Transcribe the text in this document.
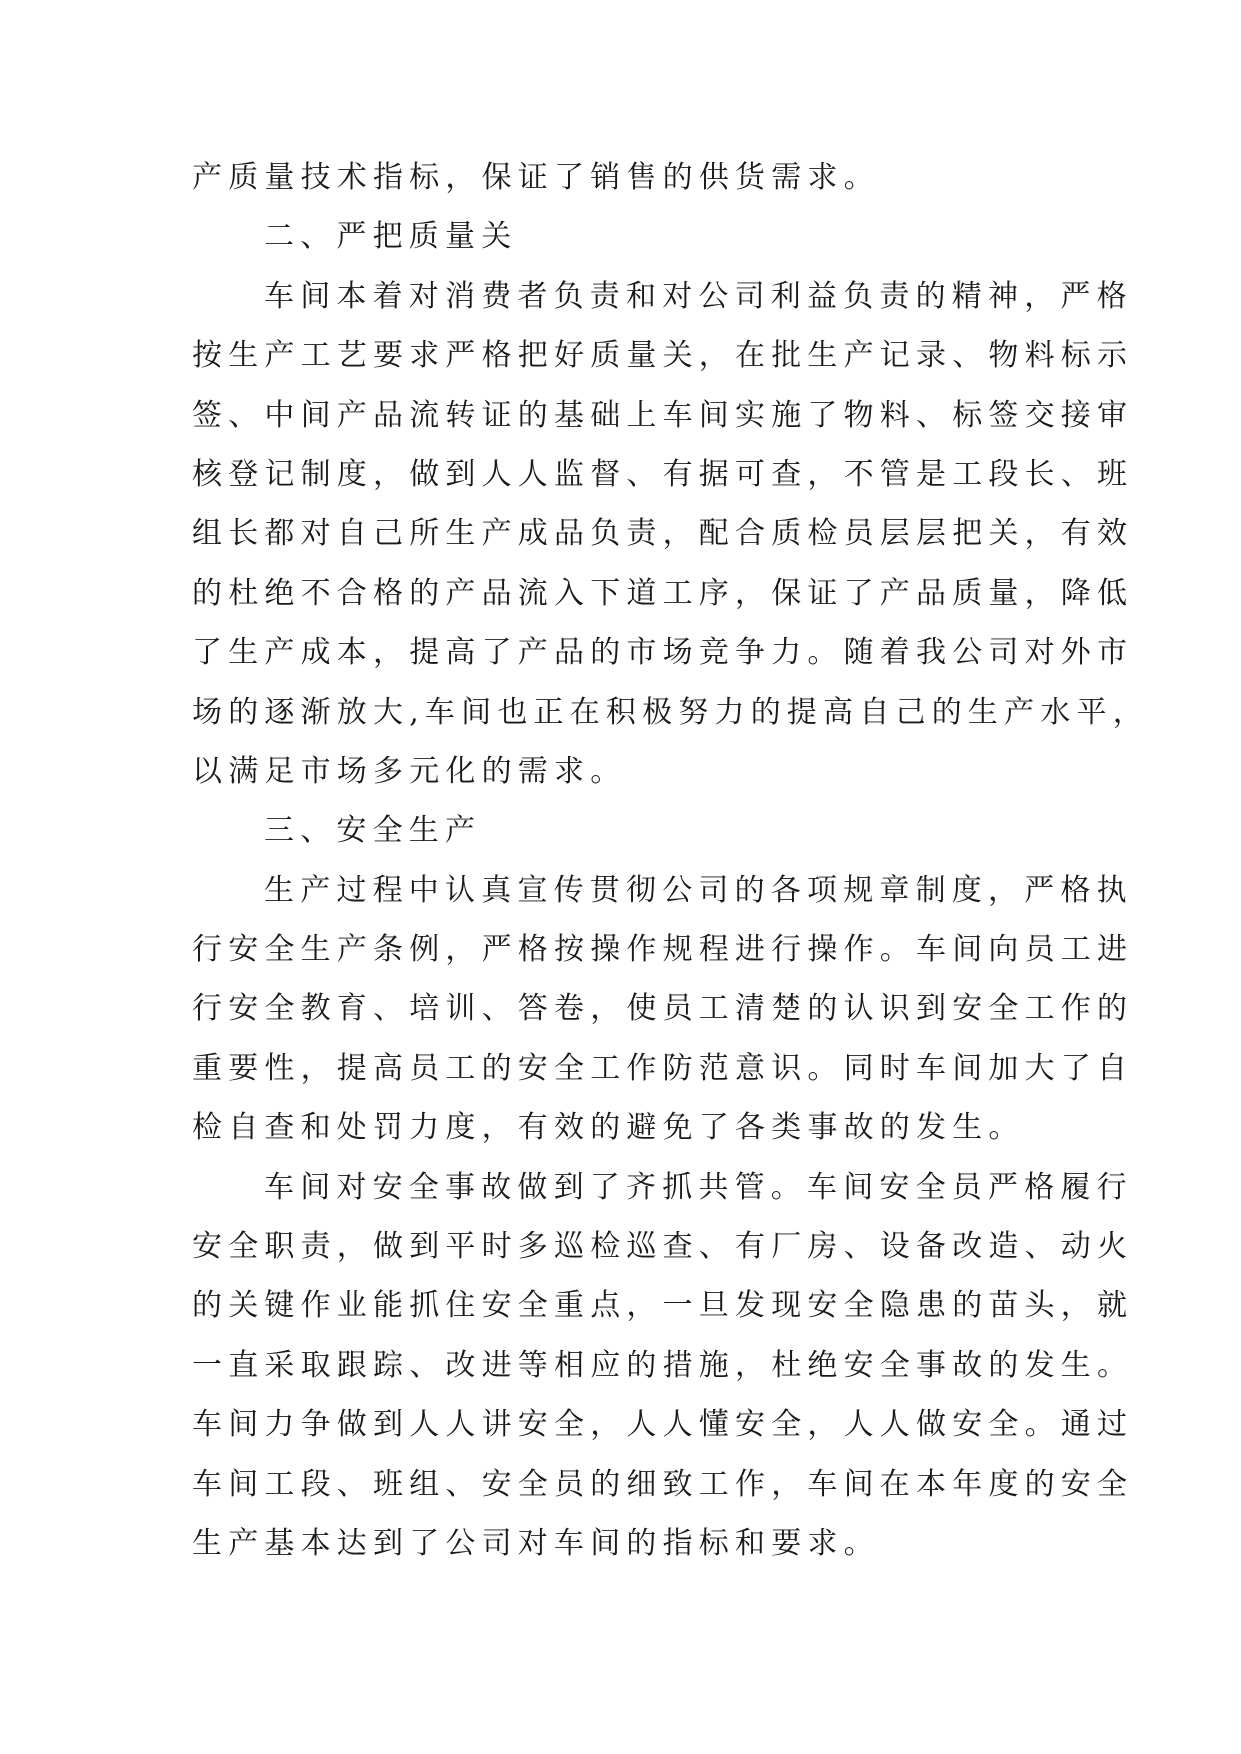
产质量技术指标，保证了销售的供货需求。
二、严把质量关
车间本着对消费者负责和对公司利益负责的精神，严格
按生产工艺要求严格把好质量关，在批生产记录、物料标示
签、中间产品流转证的基础上车间实施了物料、标签交接审
核登记制度，做到人人监督、有据可查，不管是工段长、班
组长都对自己所生产成品负责，配合质检员层层把关，有效
的杜绝不合格的产品流入下道工序，保证了产品质量，降低
了生产成本，提高了产品的市场竞争力。随着我公司对外市
场的逐渐放大,车间也正在积极努力的提高自己的生产水平，
以满足市场多元化的需求。
三、安全生产
生产过程中认真宣传贯彻公司的各项规章制度，严格执
行安全生产条例，严格按操作规程进行操作。车间向员工进
行安全教育、培训、答卷，使员工清楚的认识到安全工作的
重要性，提高员工的安全工作防范意识。同时车间加大了自
检自查和处罚力度，有效的避免了各类事故的发生。
车间对安全事故做到了齐抓共管。车间安全员严格履行
安全职责，做到平时多巡检巡查、有厂房、设备改造、动火
的关键作业能抓住安全重点，一旦发现安全隐患的苗头，就
一直采取跟踪、改进等相应的措施，杜绝安全事故的发生。
车间力争做到人人讲安全，人人懂安全，人人做安全。通过
车间工段、班组、安全员的细致工作，车间在本年度的安全
生产基本达到了公司对车间的指标和要求。
